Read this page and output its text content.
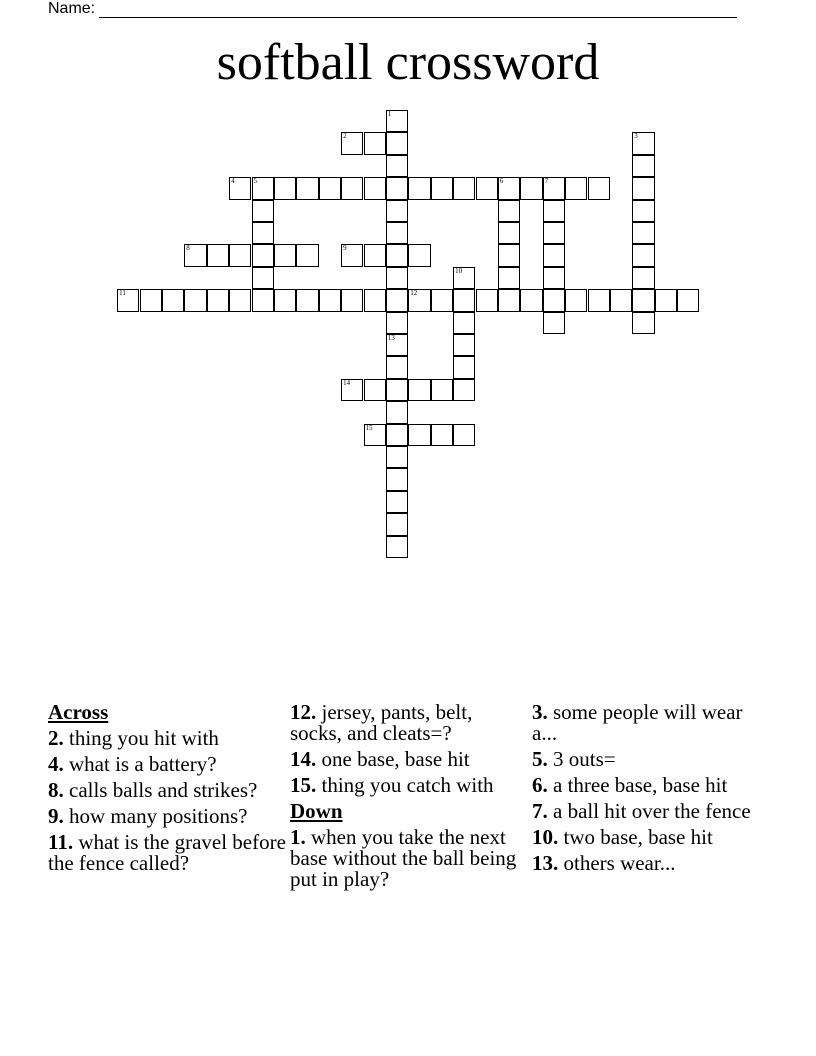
Name:
softball crossword
1
13
2	3
4	5	6	7
8	9
10
11	12
14
15
Across
2. thing you hit with
4. what is a battery?
8. calls balls and strikes?
9. how many positions?
11. what is the gravel before the fence called?
12. jersey, pants, belt, socks, and cleats=?
14. one base, base hit
15. thing you catch with
Down
1. when you take the next base without the ball being put in play?
3. some people will wear a...
5. 3 outs=
6. a three base, base hit
7. a ball hit over the fence
10. two base, base hit
13. others wear...
